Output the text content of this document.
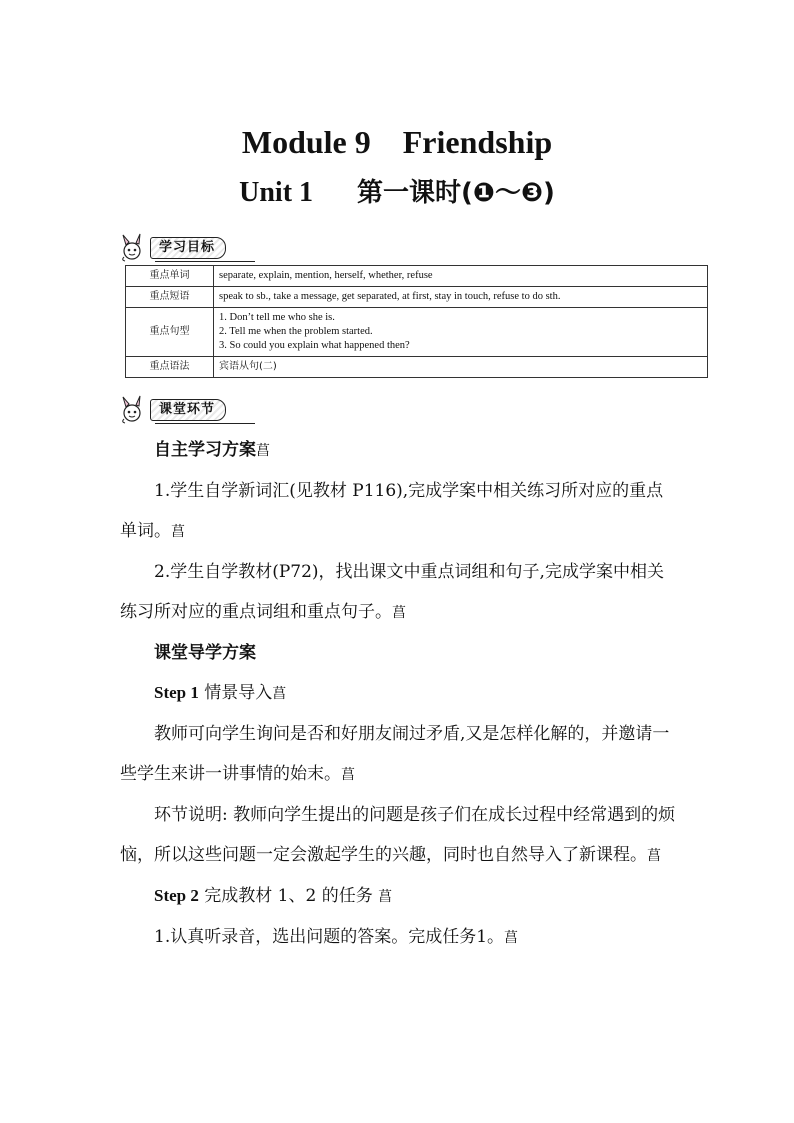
Module 9    Friendship
Unit 1 第一课时(❶～❸)
学习目标
重点单词	separate, explain, mention, herself, whether, refuse
重点短语	speak to sb., take a message, get separated, at first, stay in touch, refuse to do sth.
重点句型	1. Don’t tell me who she is.
2. Tell me when the problem started.
3. So could you explain what happened then?

重点语法	宾语从句(二)
课堂环节

自主学习方案菖

1.学生自学新词汇(见教材 P116),完成学案中相关练习所对应的重点单词。菖

2.学生自学教材(P72)，找出课文中重点词组和句子,完成学案中相关练习所对应的重点词组和重点句子。菖

课堂导学方案

Step 1 情景导入菖

教师可向学生询问是否和好朋友闹过矛盾,又是怎样化解的，并邀请一些学生来讲一讲事情的始末。菖

环节说明: 教师向学生提出的问题是孩子们在成长过程中经常遇到的烦恼，所以这些问题一定会激起学生的兴趣，同时也自然导入了新课程。菖

Step 2 完成教材 1、2 的任务 菖

1.认真听录音，选出问题的答案。完成任务1。菖
